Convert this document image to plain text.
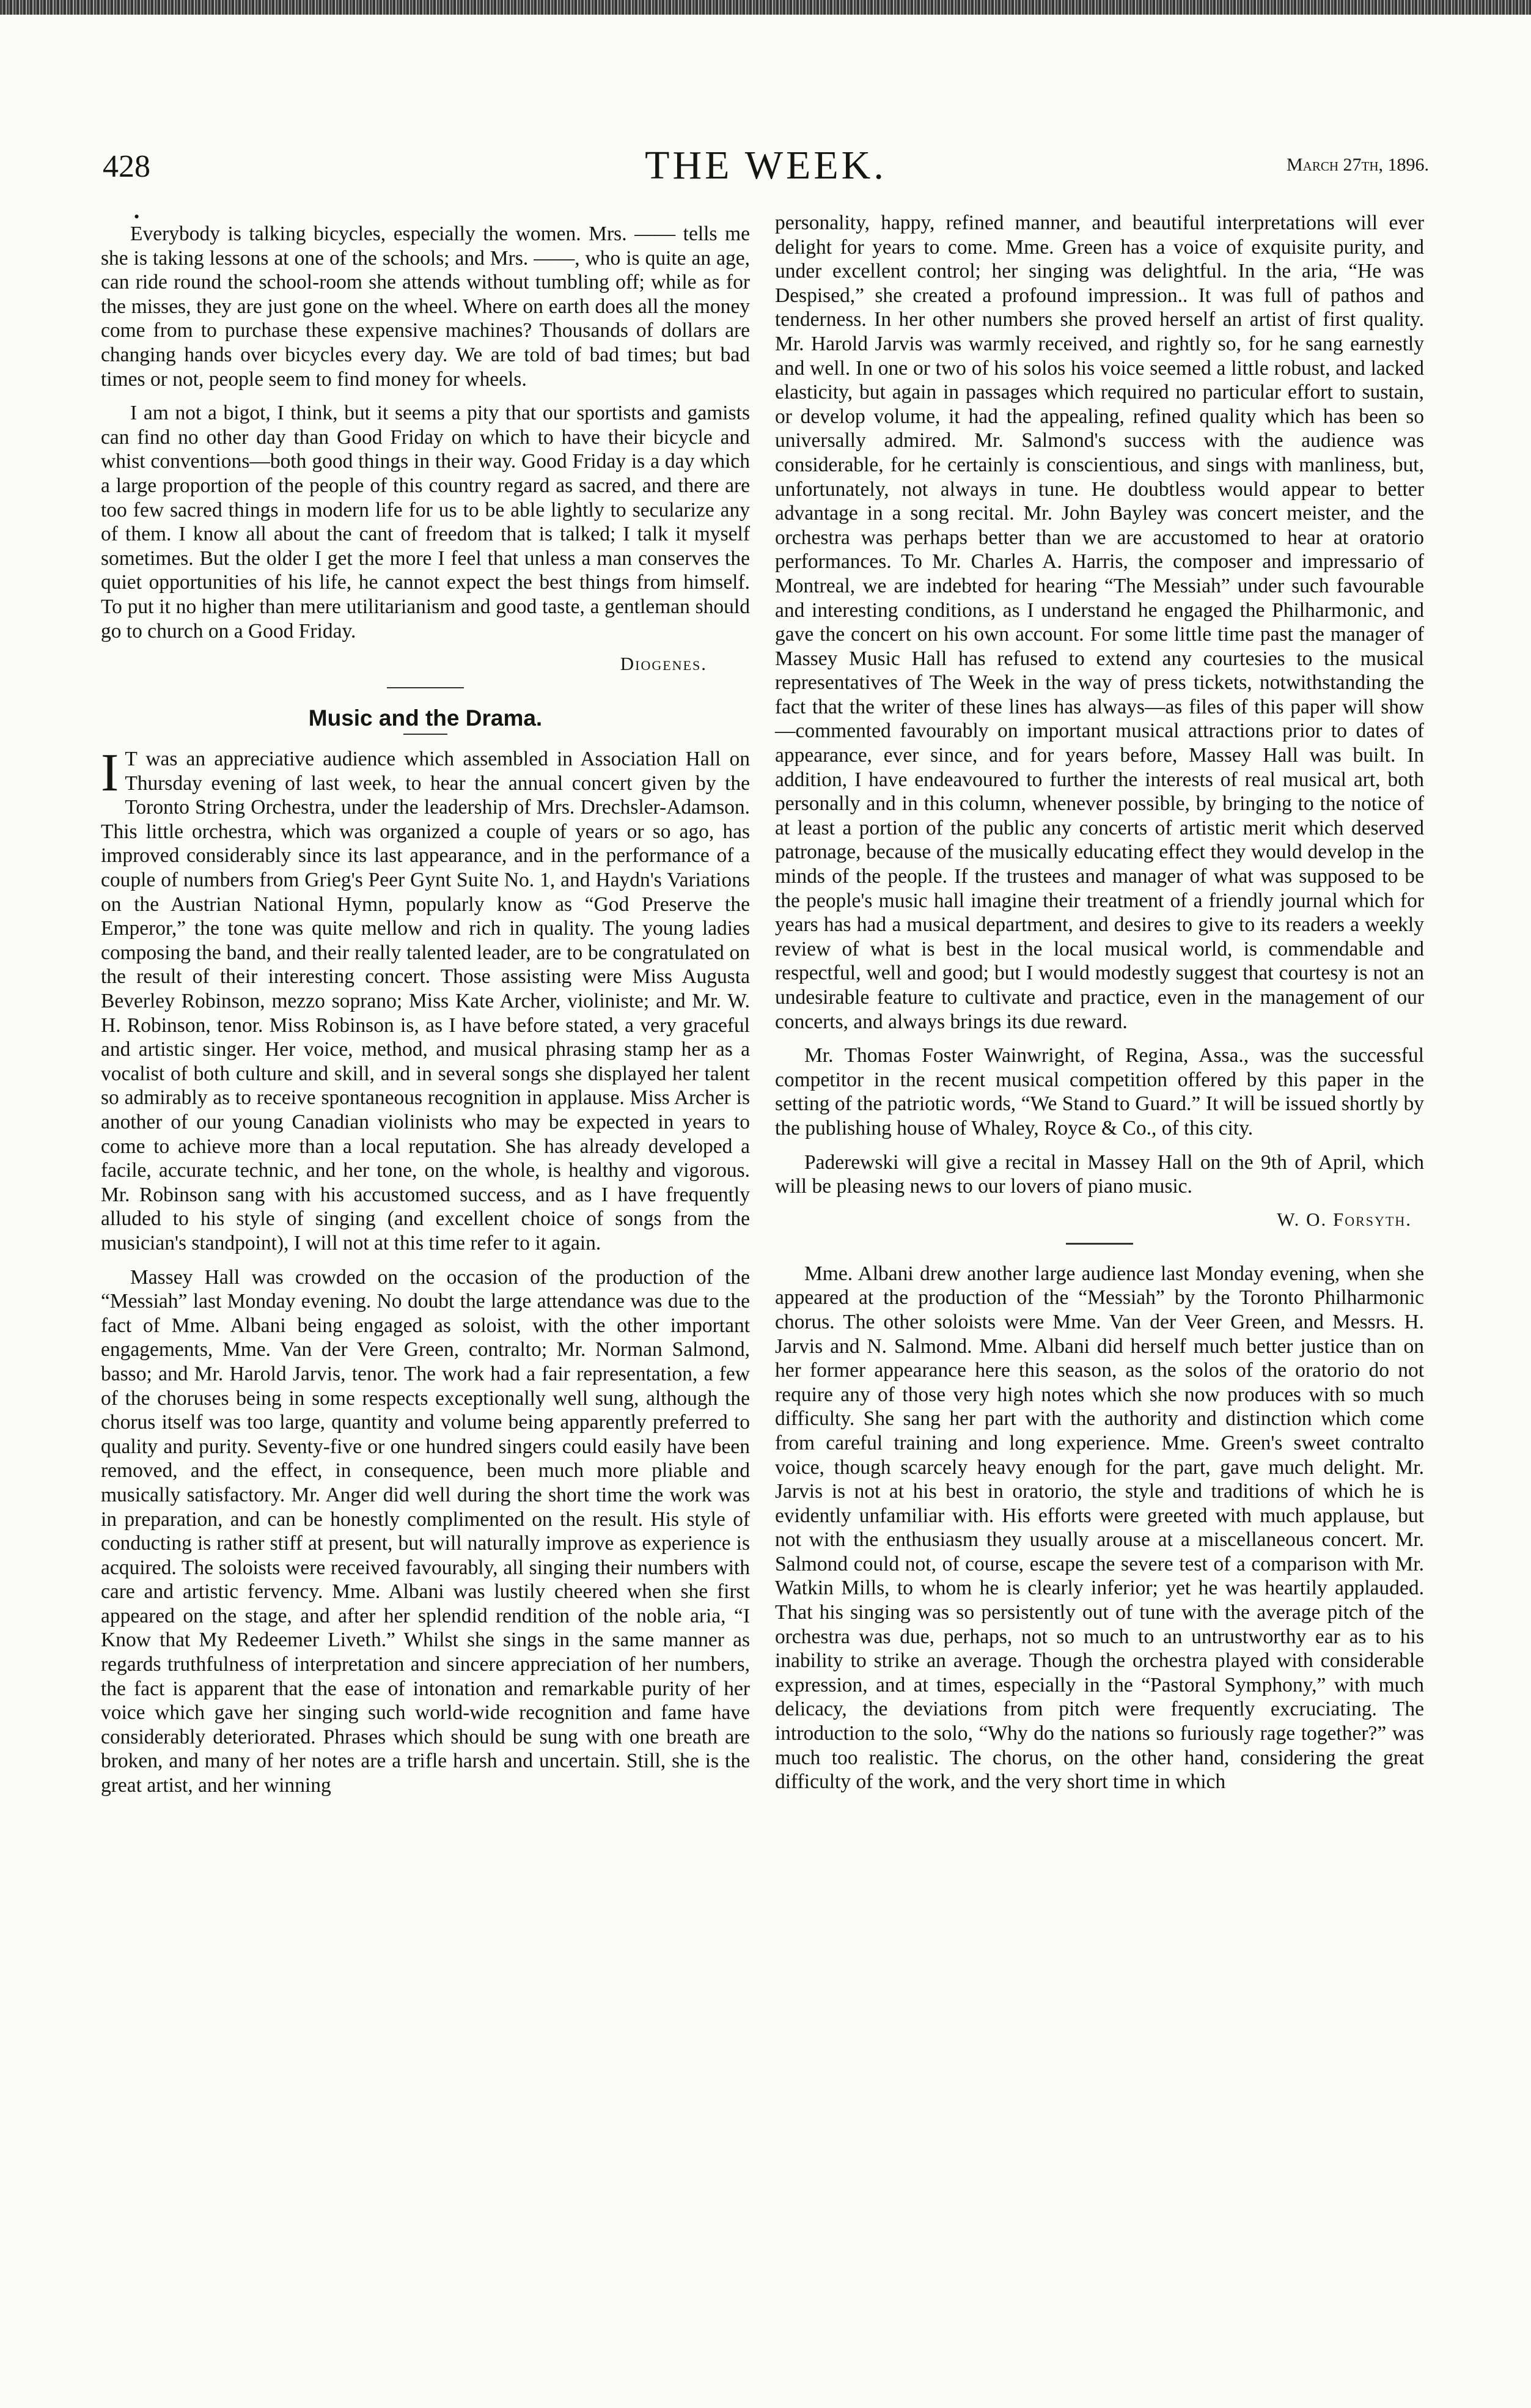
428	THE WEEK.	March 27th, 1896.
•

Everybody is talking bicycles, especially the women. Mrs. —— tells me she is taking lessons at one of the schools; and Mrs. ——, who is quite an age, can ride round the school-room she attends without tumbling off; while as for the misses, they are just gone on the wheel. Where on earth does all the money come from to purchase these expensive machines? Thousands of dollars are changing hands over bicycles every day. We are told of bad times; but bad times or not, people seem to find money for wheels.

I am not a bigot, I think, but it seems a pity that our sportists and gamists can find no other day than Good Friday on which to have their bicycle and whist conventions—both good things in their way. Good Friday is a day which a large proportion of the people of this country regard as sacred, and there are too few sacred things in modern life for us to be able lightly to secularize any of them. I know all about the cant of freedom that is talked; I talk it myself sometimes. But the older I get the more I feel that unless a man conserves the quiet opportunities of his life, he cannot expect the best things from himself. To put it no higher than mere utilitarianism and good taste, a gentleman should go to church on a Good Friday.

Diogenes.
Music and the Drama.

I T was an appreciative audience which assembled in Association Hall on Thursday evening of last week, to hear the annual concert given by the Toronto String Orchestra, under the leadership of Mrs. Drechsler-Adamson. This little orchestra, which was organized a couple of years or so ago, has improved considerably since its last appearance, and in the performance of a couple of numbers from Grieg's Peer Gynt Suite No. 1, and Haydn's Variations on the Austrian National Hymn, popularly know as “God Preserve the Emperor,” the tone was quite mellow and rich in quality. The young ladies composing the band, and their really talented leader, are to be congratulated on the result of their interesting concert. Those assisting were Miss Augusta Beverley Robinson, mezzo soprano; Miss Kate Archer, violiniste; and Mr. W. H. Robinson, tenor. Miss Robinson is, as I have before stated, a very graceful and artistic singer. Her voice, method, and musical phrasing stamp her as a vocalist of both culture and skill, and in several songs she displayed her talent so admirably as to receive spontaneous recognition in applause. Miss Archer is another of our young Canadian violinists who may be expected in years to come to achieve more than a local reputation. She has already developed a facile, accurate technic, and her tone, on the whole, is healthy and vigorous. Mr. Robinson sang with his accustomed success, and as I have frequently alluded to his style of singing (and excellent choice of songs from the musician's standpoint), I will not at this time refer to it again.

Massey Hall was crowded on the occasion of the production of the “Messiah” last Monday evening. No doubt the large attendance was due to the fact of Mme. Albani being engaged as soloist, with the other important engagements, Mme. Van der Vere Green, contralto; Mr. Norman Salmond, basso; and Mr. Harold Jarvis, tenor. The work had a fair representation, a few of the choruses being in some respects exceptionally well sung, although the chorus itself was too large, quantity and volume being apparently preferred to quality and purity. Seventy-five or one hundred singers could easily have been removed, and the effect, in consequence, been much more pliable and musically satisfactory. Mr. Anger did well during the short time the work was in preparation, and can be honestly complimented on the result. His style of conducting is rather stiff at present, but will naturally improve as experience is acquired. The soloists were received favourably, all singing their numbers with care and artistic fervency. Mme. Albani was lustily cheered when she first appeared on the stage, and after her splendid rendition of the noble aria, “I Know that My Redeemer Liveth.” Whilst she sings in the same manner as regards truthfulness of interpretation and sincere appreciation of her numbers, the fact is apparent that the ease of intonation and remarkable purity of her voice which gave her singing such world-wide recognition and fame have considerably deteriorated. Phrases which should be sung with one breath are broken, and many of her notes are a trifle harsh and uncertain. Still, she is the great artist, and her winning

personality, happy, refined manner, and beautiful interpretations will ever delight for years to come. Mme. Green has a voice of exquisite purity, and under excellent control; her singing was delightful. In the aria, “He was Despised,” she created a profound impression.. It was full of pathos and tenderness. In her other numbers she proved herself an artist of first quality. Mr. Harold Jarvis was warmly received, and rightly so, for he sang earnestly and well. In one or two of his solos his voice seemed a little robust, and lacked elasticity, but again in passages which required no particular effort to sustain, or develop volume, it had the appealing, refined quality which has been so universally admired. Mr. Salmond's success with the audience was considerable, for he certainly is conscientious, and sings with manliness, but, unfortunately, not always in tune. He doubtless would appear to better advantage in a song recital. Mr. John Bayley was concert meister, and the orchestra was perhaps better than we are accustomed to hear at oratorio performances. To Mr. Charles A. Harris, the composer and impressario of Montreal, we are indebted for hearing “The Messiah” under such favourable and interesting conditions, as I understand he engaged the Philharmonic, and gave the concert on his own account. For some little time past the manager of Massey Music Hall has refused to extend any courtesies to the musical representatives of The Week in the way of press tickets, notwithstanding the fact that the writer of these lines has always—as files of this paper will show—commented favourably on important musical attractions prior to dates of appearance, ever since, and for years before, Massey Hall was built. In addition, I have endeavoured to further the interests of real musical art, both personally and in this column, whenever possible, by bringing to the notice of at least a portion of the public any concerts of artistic merit which deserved patronage, because of the musically educating effect they would develop in the minds of the people. If the trustees and manager of what was supposed to be the people's music hall imagine their treatment of a friendly journal which for years has had a musical department, and desires to give to its readers a weekly review of what is best in the local musical world, is commendable and respectful, well and good; but I would modestly suggest that courtesy is not an undesirable feature to cultivate and practice, even in the management of our concerts, and always brings its due reward.

Mr. Thomas Foster Wainwright, of Regina, Assa., was the successful competitor in the recent musical competition offered by this paper in the setting of the patriotic words, “We Stand to Guard.” It will be issued shortly by the publishing house of Whaley, Royce & Co., of this city.

Paderewski will give a recital in Massey Hall on the 9th of April, which will be pleasing news to our lovers of piano music.

W. O. Forsyth.

Mme. Albani drew another large audience last Monday evening, when she appeared at the production of the “Messiah” by the Toronto Philharmonic chorus. The other soloists were Mme. Van der Veer Green, and Messrs. H. Jarvis and N. Salmond. Mme. Albani did herself much better justice than on her former appearance here this season, as the solos of the oratorio do not require any of those very high notes which she now produces with so much difficulty. She sang her part with the authority and distinction which come from careful training and long experience. Mme. Green's sweet contralto voice, though scarcely heavy enough for the part, gave much delight. Mr. Jarvis is not at his best in oratorio, the style and traditions of which he is evidently unfamiliar with. His efforts were greeted with much applause, but not with the enthusiasm they usually arouse at a miscellaneous concert. Mr. Salmond could not, of course, escape the severe test of a comparison with Mr. Watkin Mills, to whom he is clearly inferior; yet he was heartily applauded. That his singing was so persistently out of tune with the average pitch of the orchestra was due, perhaps, not so much to an untrustworthy ear as to his inability to strike an average. Though the orchestra played with considerable expression, and at times, especially in the “Pastoral Symphony,” with much delicacy, the deviations from pitch were frequently excruciating. The introduction to the solo, “Why do the nations so furiously rage together?” was much too realistic. The chorus, on the other hand, considering the great difficulty of the work, and the very short time in which
